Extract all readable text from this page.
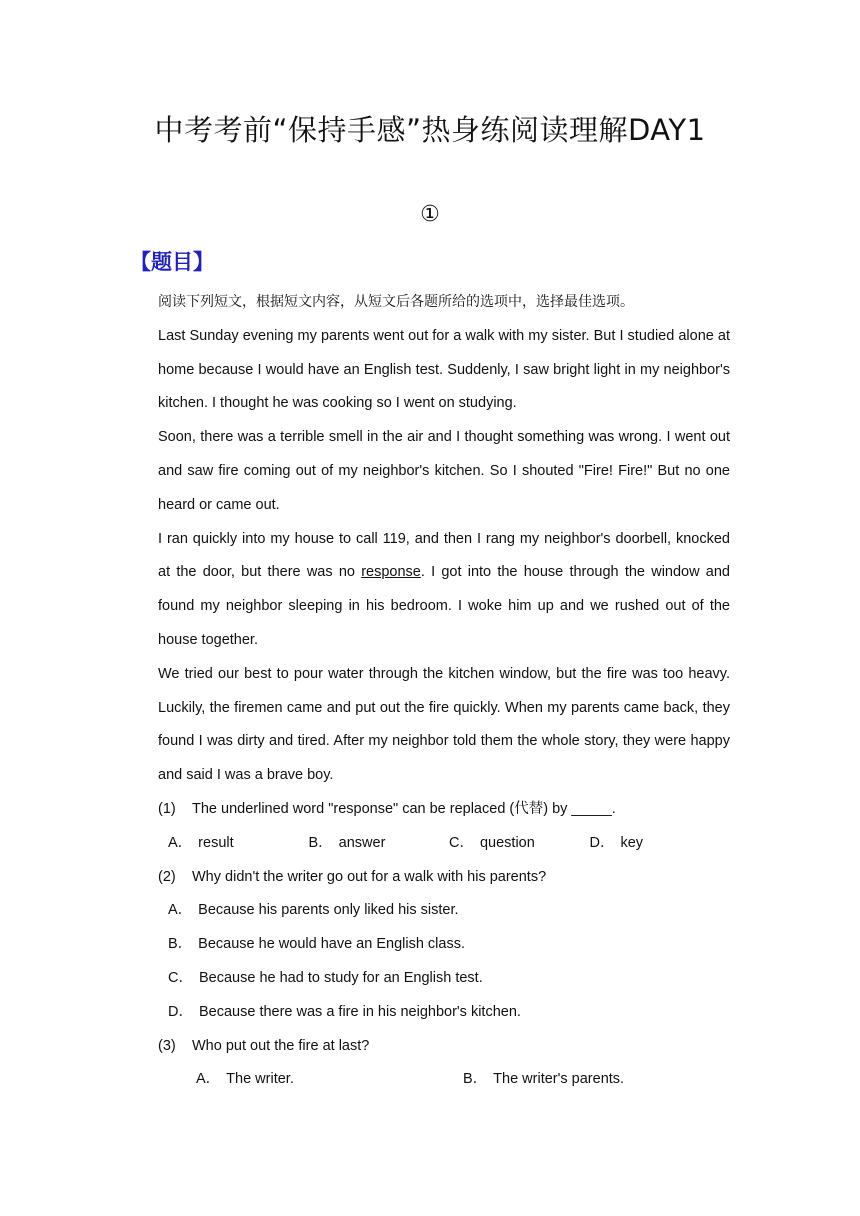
中考考前“保持手感”热身练阅读理解DAY1
①
【题目】

阅读下列短文，根据短文内容，从短文后各题所给的选项中，选择最佳选项。

Last Sunday evening my parents went out for a walk with my sister. But I studied alone at home because I would have an English test. Suddenly, I saw bright light in my neighbor's kitchen. I thought he was cooking so I went on studying.

Soon, there was a terrible smell in the air and I thought something was wrong. I went out and saw fire coming out of my neighbor's kitchen. So I shouted "Fire! Fire!" But no one heard or came out.

I ran quickly into my house to call 119, and then I rang my neighbor's doorbell, knocked at the door, but there was no response. I got into the house through the window and found my neighbor sleeping in his bedroom. I woke him up and we rushed out of the house together.

We tried our best to pour water through the kitchen window, but the fire was too heavy. Luckily, the firemen came and put out the fire quickly. When my parents came back, they found I was dirty and tired. After my neighbor told them the whole story, they were happy and said I was a brave boy.

(1)	The underlined word "response" can be replaced (代替) by _____.
A． result	B． answer	C． question	D． key
(2)	Why didn't the writer go out for a walk with his parents?
A． Because his parents only liked his sister.
B． Because he would have an English class.
C． Because he had to study for an English test.
D． Because there was a fire in his neighbor's kitchen.
(3)	Who put out the fire at last?
A． The writer.	B． The writer's parents.
